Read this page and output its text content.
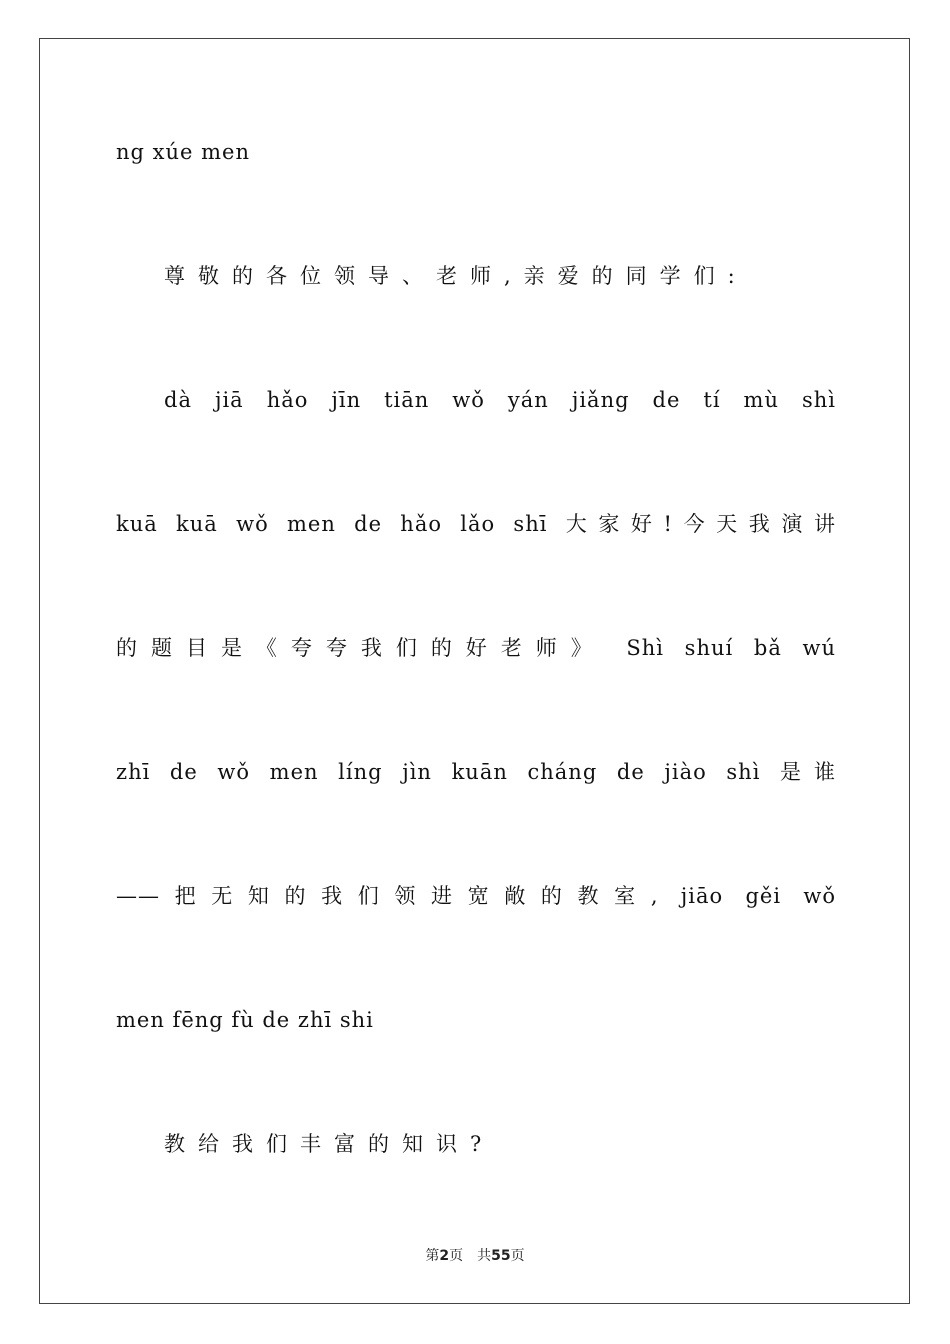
ng xúe men
尊敬的各位领导、老师,亲爱的同学们:
dà jiā hǎo jīn tiān wǒ yán jiǎng de tí mù shì
kuā kuā wǒ men de hǎo lǎo shī 大家好!今天我演讲
的题目是《夸夸我们的好老师》 Shì shuí bǎ wú
zhī de wǒ men líng jìn kuān cháng de jiào shì 是谁
——把无知的我们领进宽敞的教室, jiāo gěi wǒ
men fēng fù de zhī shi
教给我们丰富的知识?
第2页 共55页
